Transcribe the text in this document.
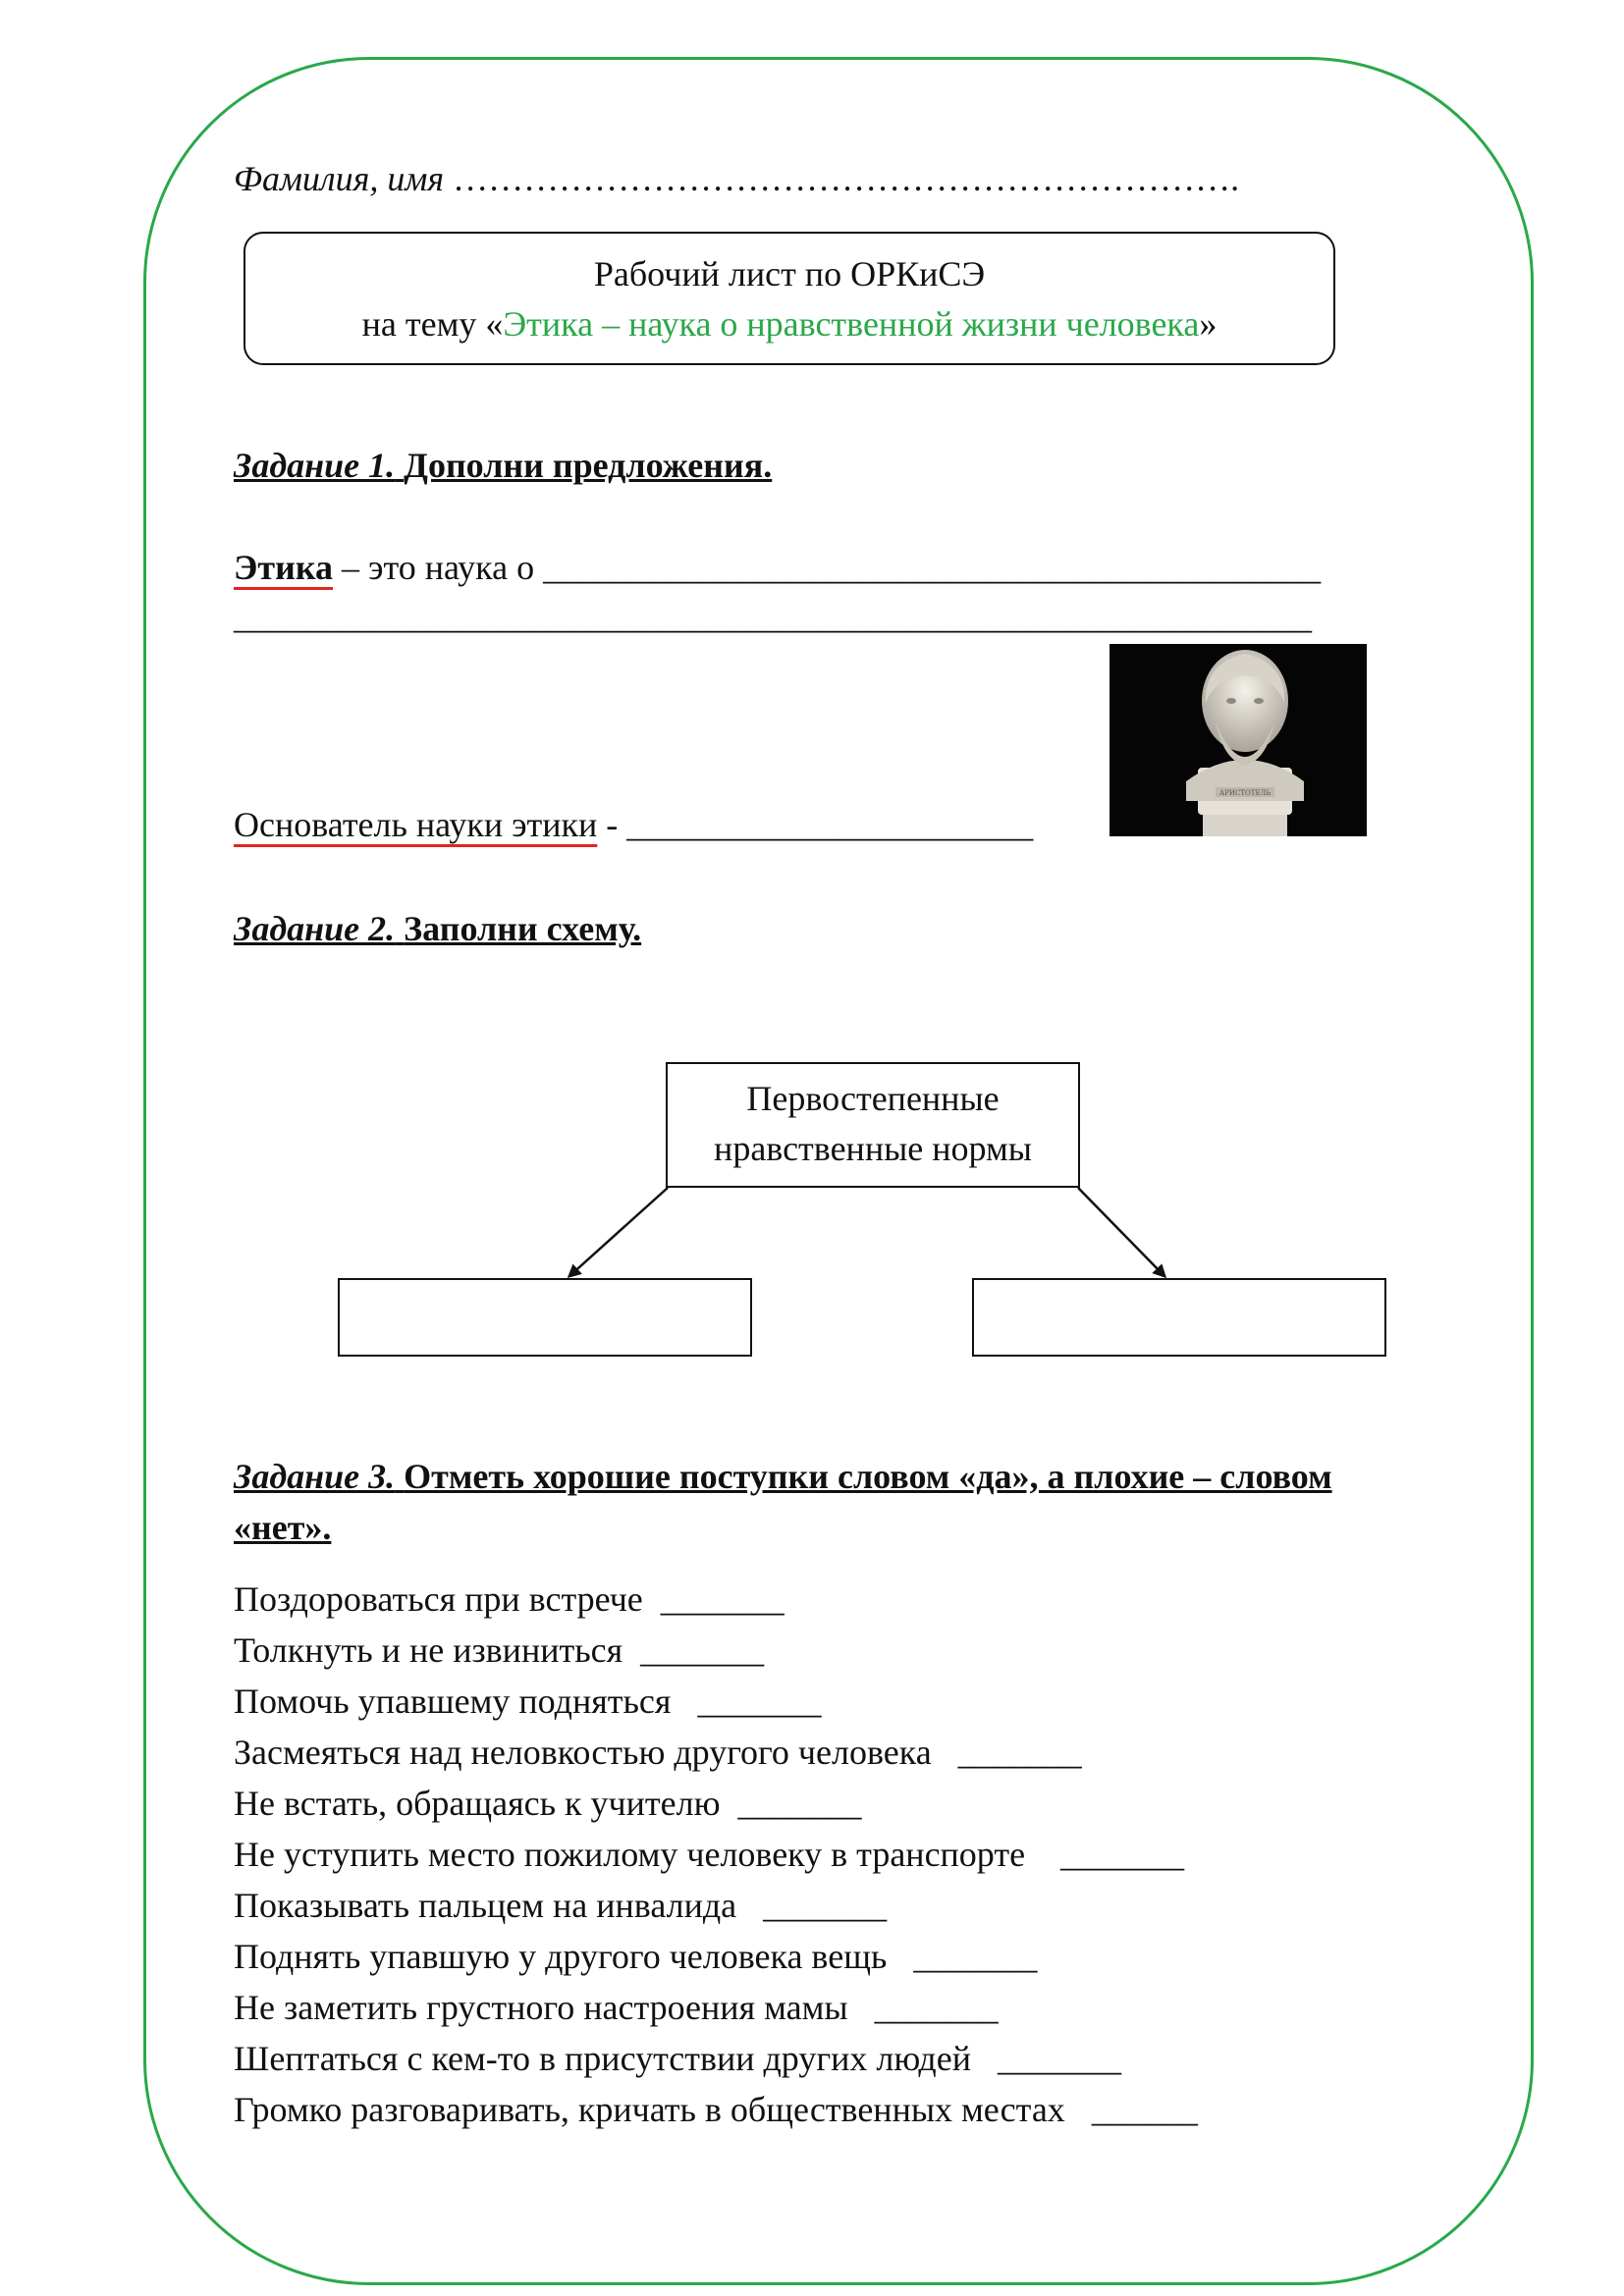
Фамилия, имя ………………………………………………………….
Рабочий лист по ОРКиСЭ
на тему «Этика – наука о нравственной жизни человека»
Задание 1. Дополни предложения.
Этика – это наука о ____________________________________________
_____________________________________________________________
Основатель науки этики - _______________________
АРИСТОТЕЛЬ
Задание 2. Заполни схему.
Первостепенные
нравственные нормы
Задание 3. Отметь хорошие поступки словом «да», а плохие – словом
«нет».
Поздороваться при встрече _______
Толкнуть и не извиниться _______
Помочь упавшему подняться _______
Засмеяться над неловкостью другого человека _______
Не встать, обращаясь к учителю _______
Не уступить место пожилому человеку в транспорте _______
Показывать пальцем на инвалида _______
Поднять упавшую у другого человека вещь _______
Не заметить грустного настроения мамы _______
Шептаться с кем-то в присутствии других людей _______
Громко разговаривать, кричать в общественных местах ______
